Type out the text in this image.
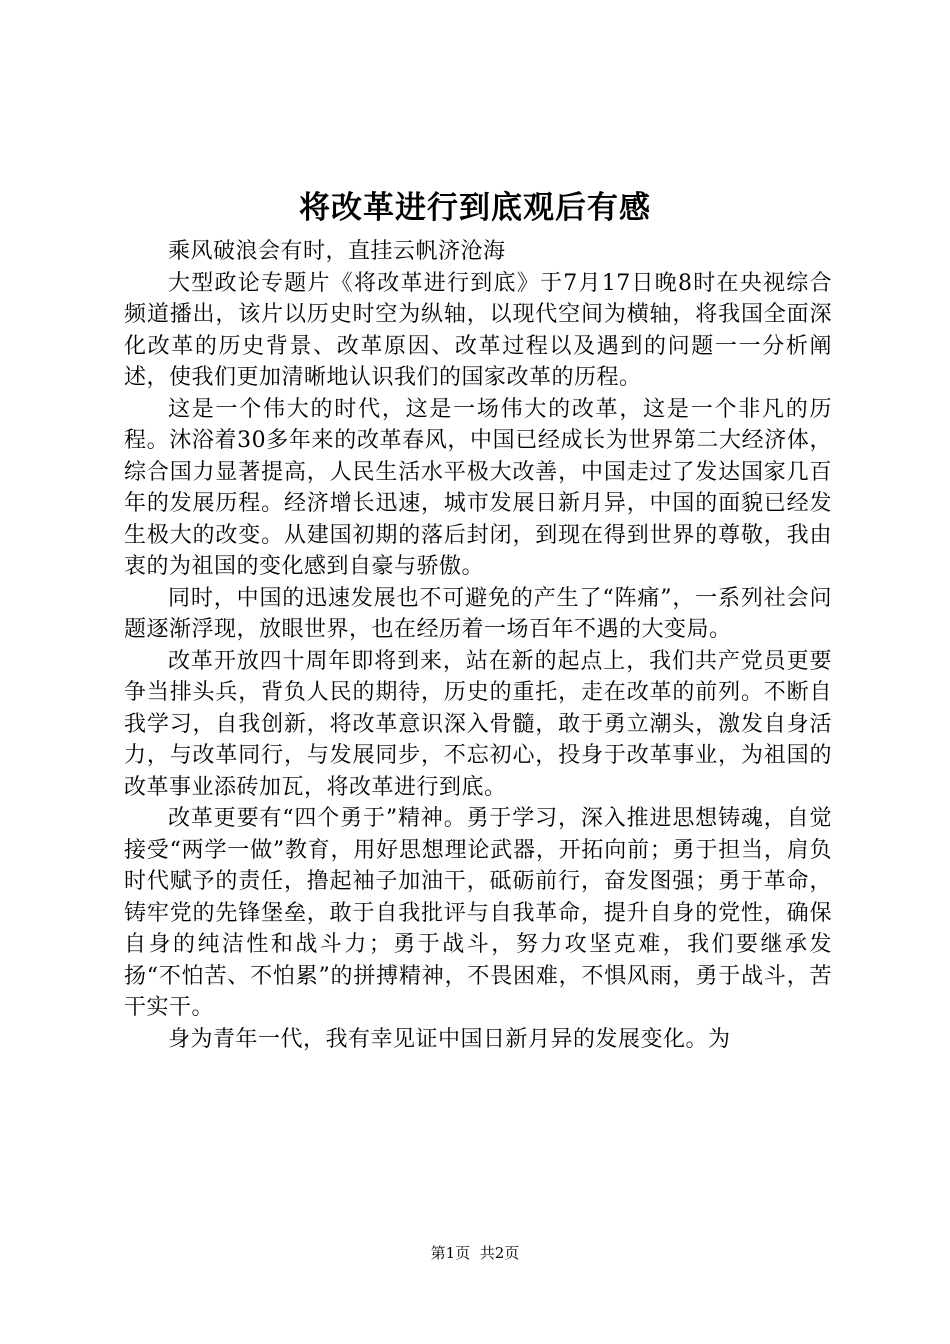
将改革进行到底观后有感

乘风破浪会有时，直挂云帆济沧海

大型政论专题片《将改革进行到底》于7月17日晚8时在央视综合频道播出，该片以历史时空为纵轴，以现代空间为横轴，将我国全面深化改革的历史背景、改革原因、改革过程以及遇到的问题一一分析阐述，使我们更加清晰地认识我们的国家改革的历程。

这是一个伟大的时代，这是一场伟大的改革，这是一个非凡的历程。沐浴着30多年来的改革春风，中国已经成长为世界第二大经济体，综合国力显著提高，人民生活水平极大改善，中国走过了发达国家几百年的发展历程。经济增长迅速，城市发展日新月异，中国的面貌已经发生极大的改变。从建国初期的落后封闭，到现在得到世界的尊敬，我由衷的为祖国的变化感到自豪与骄傲。

同时，中国的迅速发展也不可避免的产生了“阵痛”，一系列社会问题逐渐浮现，放眼世界，也在经历着一场百年不遇的大变局。

改革开放四十周年即将到来，站在新的起点上，我们共产党员更要争当排头兵，背负人民的期待，历史的重托，走在改革的前列。不断自我学习，自我创新，将改革意识深入骨髓，敢于勇立潮头，激发自身活力，与改革同行，与发展同步，不忘初心，投身于改革事业，为祖国的改革事业添砖加瓦，将改革进行到底。

改革更要有“四个勇于”精神。勇于学习，深入推进思想铸魂，自觉接受“两学一做”教育，用好思想理论武器，开拓向前；勇于担当，肩负时代赋予的责任，撸起袖子加油干，砥砺前行，奋发图强；勇于革命，铸牢党的先锋堡垒，敢于自我批评与自我革命，提升自身的党性，确保自身的纯洁性和战斗力；勇于战斗，努力攻坚克难，我们要继承发扬“不怕苦、不怕累”的拼搏精神，不畏困难，不惧风雨，勇于战斗，苦干实干。

身为青年一代，我有幸见证中国日新月异的发展变化。为

第1页 共2页
